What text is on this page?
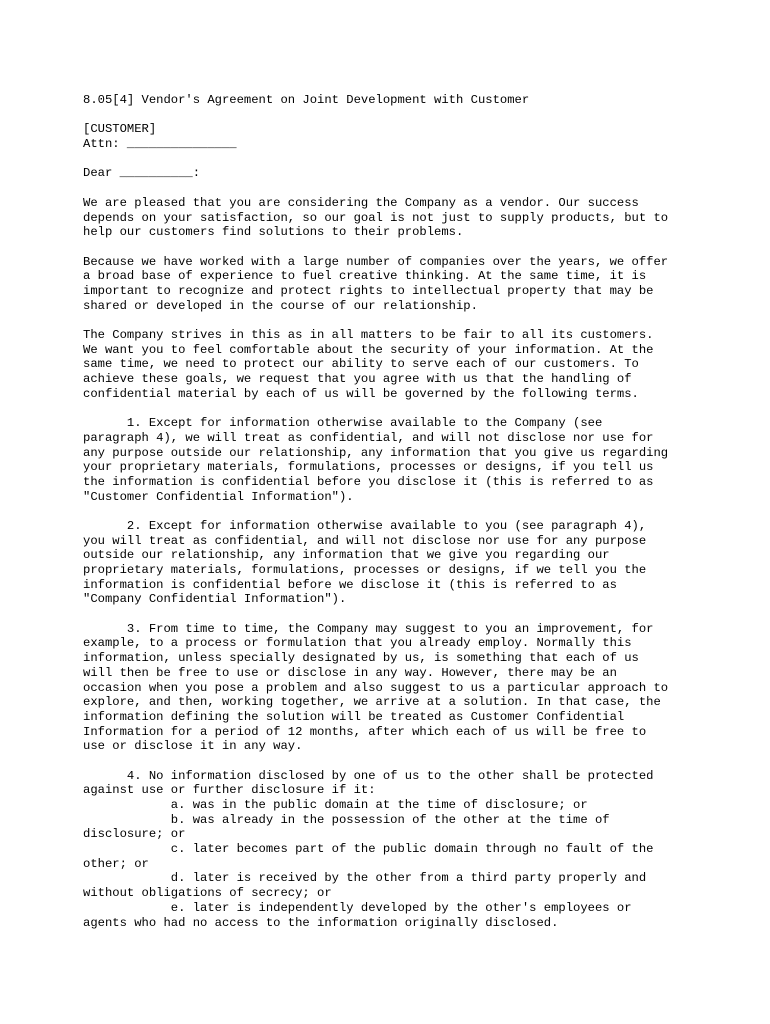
8.05[4] Vendor's Agreement on Joint Development with Customer
[CUSTOMER]
Attn: _______________
Dear __________:
We are pleased that you are considering the Company as a vendor. Our success
depends on your satisfaction, so our goal is not just to supply products, but to
help our customers find solutions to their problems.
Because we have worked with a large number of companies over the years, we offer
a broad base of experience to fuel creative thinking. At the same time, it is
important to recognize and protect rights to intellectual property that may be
shared or developed in the course of our relationship.
The Company strives in this as in all matters to be fair to all its customers.
We want you to feel comfortable about the security of your information. At the
same time, we need to protect our ability to serve each of our customers. To
achieve these goals, we request that you agree with us that the handling of
confidential material by each of us will be governed by the following terms.
1. Except for information otherwise available to the Company (see
paragraph 4), we will treat as confidential, and will not disclose nor use for
any purpose outside our relationship, any information that you give us regarding
your proprietary materials, formulations, processes or designs, if you tell us
the information is confidential before you disclose it (this is referred to as
"Customer Confidential Information").
2. Except for information otherwise available to you (see paragraph 4),
you will treat as confidential, and will not disclose nor use for any purpose
outside our relationship, any information that we give you regarding our
proprietary materials, formulations, processes or designs, if we tell you the
information is confidential before we disclose it (this is referred to as
"Company Confidential Information").
3. From time to time, the Company may suggest to you an improvement, for
example, to a process or formulation that you already employ. Normally this
information, unless specially designated by us, is something that each of us
will then be free to use or disclose in any way. However, there may be an
occasion when you pose a problem and also suggest to us a particular approach to
explore, and then, working together, we arrive at a solution. In that case, the
information defining the solution will be treated as Customer Confidential
Information for a period of 12 months, after which each of us will be free to
use or disclose it in any way.
4. No information disclosed by one of us to the other shall be protected
against use or further disclosure if it:
a. was in the public domain at the time of disclosure; or
b. was already in the possession of the other at the time of
disclosure; or
c. later becomes part of the public domain through no fault of the
other; or
d. later is received by the other from a third party properly and
without obligations of secrecy; or
e. later is independently developed by the other's employees or
agents who had no access to the information originally disclosed.
